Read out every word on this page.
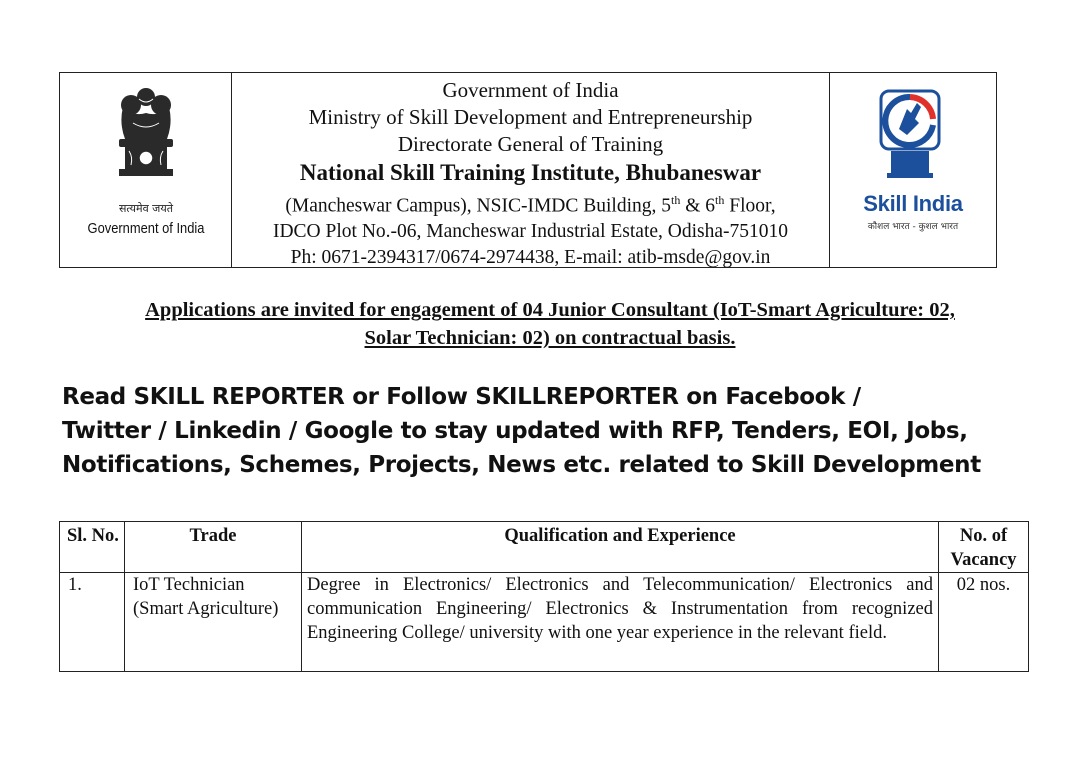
सत्यमेव जयते
Government of India
Government of India
Ministry of Skill Development and Entrepreneurship
Directorate General of Training
National Skill Training Institute, Bhubaneswar
(Mancheswar Campus), NSIC-IMDC Building, 5th & 6th Floor,
IDCO Plot No.-06, Mancheswar Industrial Estate, Odisha-751010
Ph: 0671-2394317/0674-2974438, E-mail: atib-msde@gov.in
Skill India
कौशल भारत - कुशल भारत
Applications are invited for engagement of 04 Junior Consultant (IoT-Smart Agriculture: 02,
Solar Technician: 02) on contractual basis.
Read SKILL REPORTER or Follow SKILLREPORTER on Facebook /
Twitter / Linkedin / Google to stay updated with RFP, Tenders, EOI, Jobs,
Notifications, Schemes, Projects, News etc. related to Skill Development
Sl. No.	Trade	Qualification and Experience	No. of Vacancy
1.	IoT Technician (Smart Agriculture)	Degree in Electronics/ Electronics and Telecommunication/ Electronics and communication Engineering/ Electronics & Instrumentation from recognized Engineering College/ university with one year experience in the relevant field.	02 nos.
